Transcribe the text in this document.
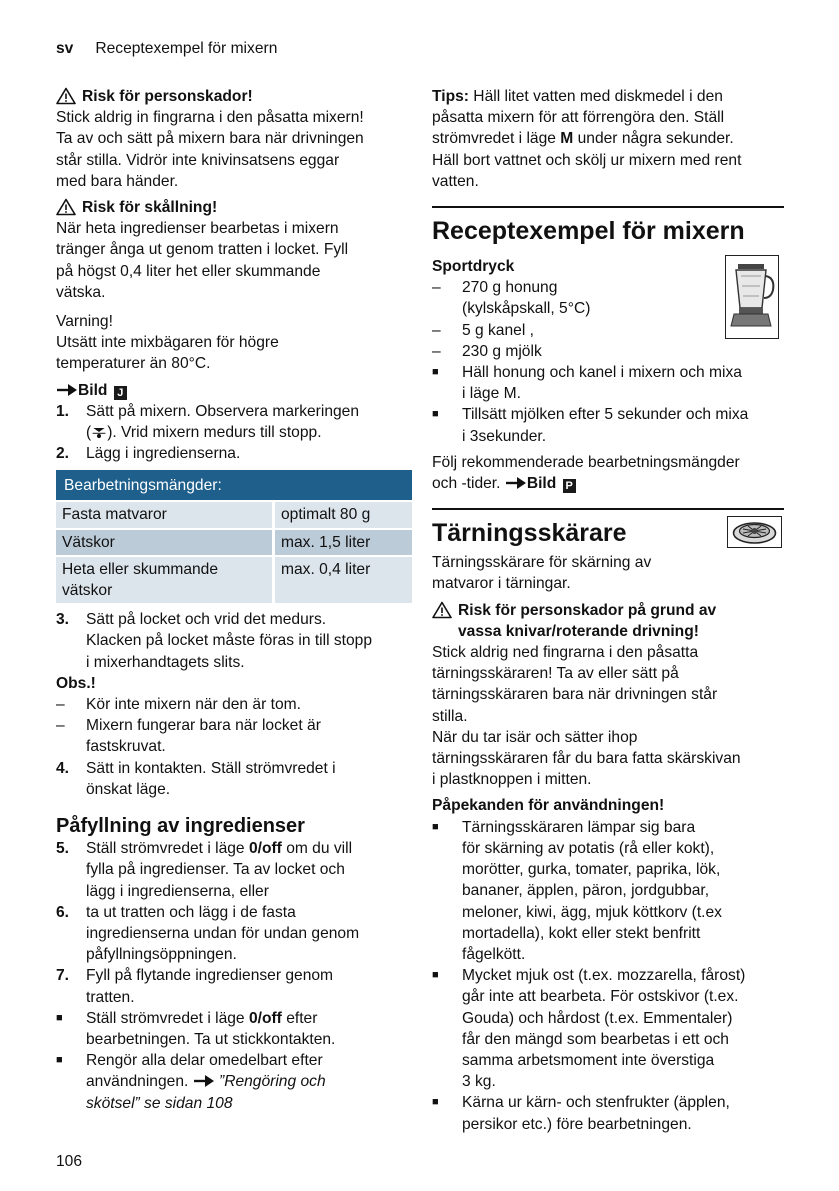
sv Receptexempel för mixern
Risk för personskador!

Stick aldrig in fingrarna i den påsatta mixern!

Ta av och sätt på mixern bara när drivningen

står stilla. Vidrör inte knivinsatsens eggar

med bara händer.

Risk för skållning!

När heta ingredienser bearbetas i mixern

tränger ånga ut genom tratten i locket. Fyll

på högst 0,4 liter het eller skummande

vätska.

Varning!

Utsätt inte mixbägaren för högre

temperaturer än 80°C.

Bild J

1.	Sätt på mixern. Observera markeringen
( ). Vrid mixern medurs till stopp.
2.	Lägg i ingredienserna.
Bearbetningsmängder:	
Fasta matvaror	optimalt 80 g
Vätskor	max. 1,5 liter
Heta eller skummande
vätskor	max. 0,4 liter
3.	Sätt på locket och vrid det medurs.
Klacken på locket måste föras in till stopp
i mixerhandtagets slits.

Obs.!

–	Kör inte mixern när den är tom.
–	Mixern fungerar bara när locket är
fastskruvat.
4.	Sätt in kontakten. Ställ strömvredet i
önskat läge.
Påfyllning av ingredienser
5.	Ställ strömvredet i läge 0/off om du vill
fylla på ingredienser. Ta av locket och
lägg i ingredienserna, eller
6.	ta ut tratten och lägg i de fasta
ingredienserna undan för undan genom
påfyllningsöppningen.
7.	Fyll på flytande ingredienser genom
tratten.
■	Ställ strömvredet i läge 0/off efter
bearbetningen. Ta ut stickkontakten.
■	Rengör alla delar omedelbart efter
användningen.  ”Rengöring och
skötsel” se sidan 108

Tips: Häll litet vatten med diskmedel i den

påsatta mixern för att förrengöra den. Ställ

strömvredet i läge M under några sekunder.

Häll bort vattnet och skölj ur mixern med rent

vatten.

Receptexempel för mixern

Sportdryck

–	270 g honung
(kylskåpskall, 5°C)
–	5 g kanel ,
–	230 g mjölk
■	Häll honung och kanel i mixern och mixa
i läge M.
■	Tillsätt mjölken efter 5 sekunder och mixa
i 3sekunder.

Följ rekommenderade bearbetningsmängder

och -tider. Bild P

Tärningsskärare

Tärningsskärare för skärning av

matvaror i tärningar.

Risk för personskador på grund av
vassa knivar/roterande drivning!

Stick aldrig ned fingrarna i den påsatta

tärningsskäraren! Ta av eller sätt på

tärningsskäraren bara när drivningen står

stilla.

När du tar isär och sätter ihop

tärningsskäraren får du bara fatta skärskivan

i plastknoppen i mitten.

Påpekanden för användningen!

■	Tärningsskäraren lämpar sig bara
för skärning av potatis (rå eller kokt),
morötter, gurka, tomater, paprika, lök,
bananer, äpplen, päron, jordgubbar,
meloner, kiwi, ägg, mjuk köttkorv (t.ex
mortadella), kokt eller stekt benfritt
fågelkött.
■	Mycket mjuk ost (t.ex. mozzarella, fårost)
går inte att bearbeta. För ostskivor (t.ex.
Gouda) och hårdost (t.ex. Emmentaler)
får den mängd som bearbetas i ett och
samma arbetsmoment inte överstiga
3 kg.
■	Kärna ur kärn- och stenfrukter (äpplen,
persikor etc.) före bearbetningen.
106
